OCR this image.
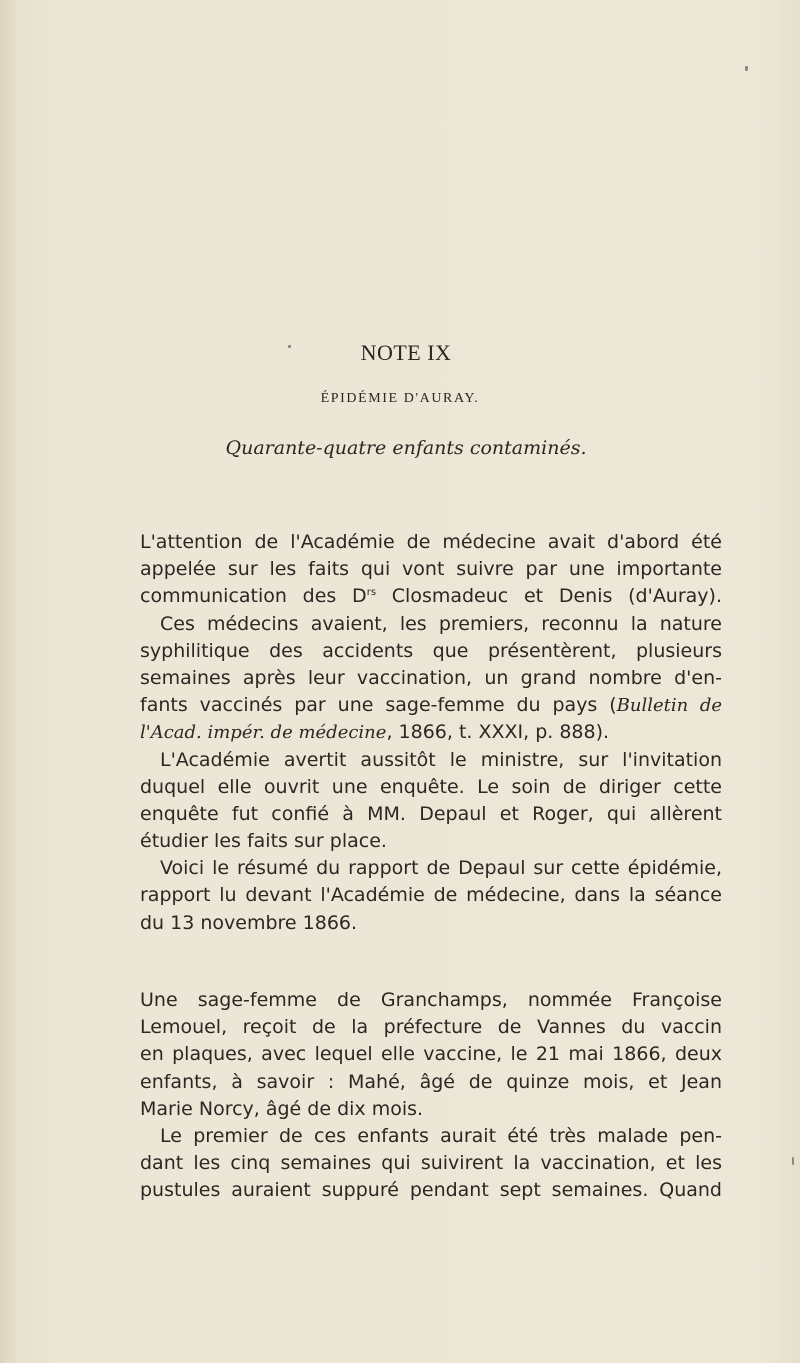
NOTE IX
ÉPIDÉMIE D'AURAY.
Quarante-quatre enfants contaminés.
L'attention de l'Académie de médecine avait d'abord été
appelée sur les faits qui vont suivre par une importante
communication des $D^{rs}$ Closmadeuc et Denis (d'Auray).
Ces médecins avaient, les premiers, reconnu la nature
syphilitique des accidents que présentèrent, plusieurs
semaines après leur vaccination, un grand nombre d'en-
fants vaccinés par une sage-femme du pays (Bulletin de
l'Acad. impér. de médecine, 1866, t. XXXI, p. 888).
L'Académie avertit aussitôt le ministre, sur l'invitation
duquel elle ouvrit une enquête. Le soin de diriger cette
enquête fut confié à MM. Depaul et Roger, qui allèrent
étudier les faits sur place.
Voici le résumé du rapport de Depaul sur cette épidémie,
rapport lu devant l'Académie de médecine, dans la séance
du 13 novembre 1866.
Une sage-femme de Granchamps, nommée Françoise
Lemouel, reçoit de la préfecture de Vannes du vaccin
en plaques, avec lequel elle vaccine, le 21 mai 1866, deux
enfants, à savoir : Mahé, âgé de quinze mois, et Jean
Marie Norcy, âgé de dix mois.
Le premier de ces enfants aurait été très malade pen-
dant les cinq semaines qui suivirent la vaccination, et les
pustules auraient suppuré pendant sept semaines. Quand
